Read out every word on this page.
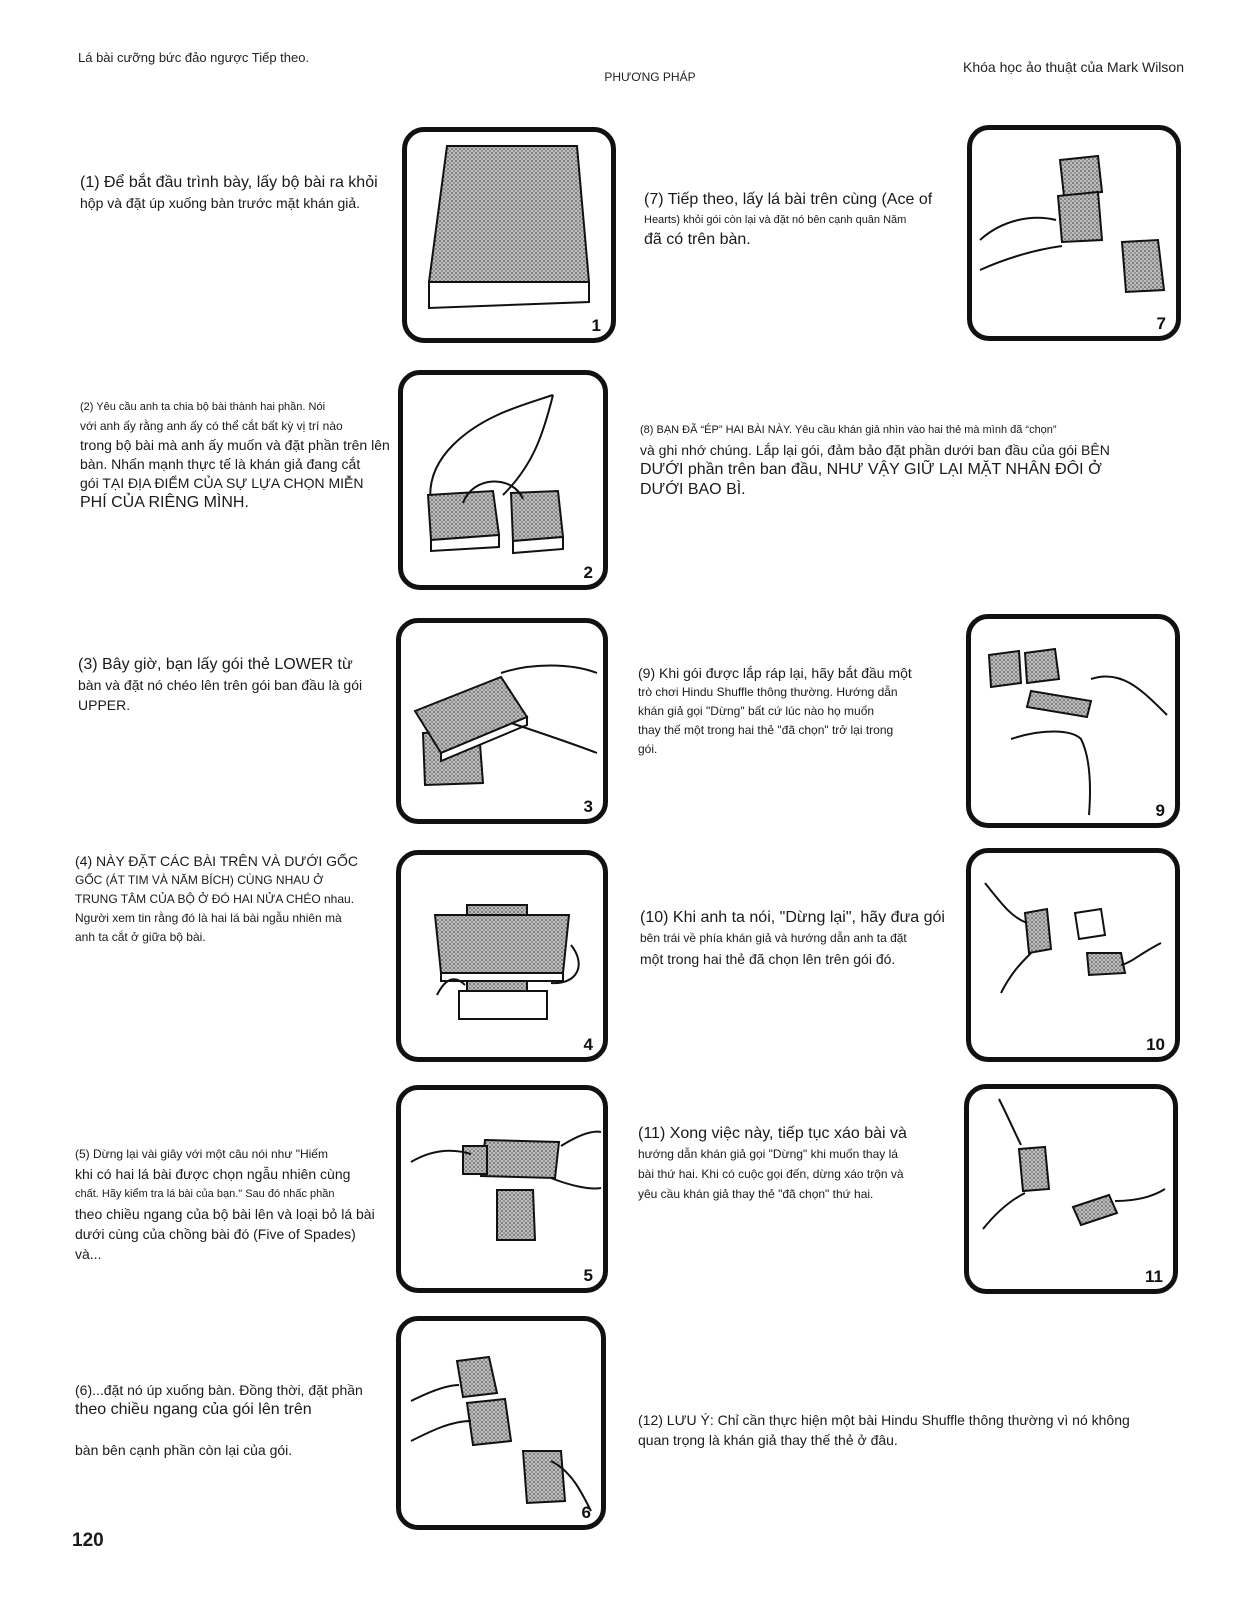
Lá bài cưỡng bức đảo ngược Tiếp theo.
PHƯƠNG PHÁP
Khóa học ảo thuật của Mark Wilson
(1) Để bắt đầu trình bày, lấy bộ bài ra khỏi
hộp và đặt úp xuống bàn trước mặt khán giả.
(2) Yêu cầu anh ta chia bộ bài thành hai phần. Nói
với anh ấy rằng anh ấy có thể cắt bất kỳ vị trí nào
trong bộ bài mà anh ấy muốn và đặt phần trên lên
bàn. Nhấn mạnh thực tế là khán giả đang cắt
gói TẠI ĐỊA ĐIỂM CỦA SỰ LỰA CHỌN MIỄN
PHÍ CỦA RIÊNG MÌNH.
(3) Bây giờ, bạn lấy gói thẻ LOWER từ
bàn và đặt nó chéo lên trên gói ban đầu là gói
UPPER.
(4) NÀY ĐẶT CÁC BÀI TRÊN VÀ DƯỚI GỐC
GỐC (ÁT TIM VÀ NĂM BÍCH) CÙNG NHAU Ở
TRUNG TÂM CỦA BỘ Ở ĐÓ HAI NỬA CHÉO nhau.
Người xem tin rằng đó là hai lá bài ngẫu nhiên mà
anh ta cắt ở giữa bộ bài.
(5) Dừng lại vài giây với một câu nói như "Hiếm
khi có hai lá bài được chọn ngẫu nhiên cùng
chất. Hãy kiểm tra lá bài của bạn." Sau đó nhấc phần
theo chiều ngang của bộ bài lên và loại bỏ lá bài
dưới cùng của chồng bài đó (Five of Spades)
và...
(6)...đặt nó úp xuống bàn. Đồng thời, đặt phần
theo chiều ngang của gói lên trên
bàn bên cạnh phần còn lại của gói.
(7) Tiếp theo, lấy lá bài trên cùng (Ace of
Hearts) khỏi gói còn lại và đặt nó bên cạnh quân Năm
đã có trên bàn.
(8) BẠN ĐÃ “ÉP” HAI BÀI NÀY. Yêu cầu khán giả nhìn vào hai thẻ mà mình đã “chọn”
và ghi nhớ chúng. Lắp lại gói, đảm bảo đặt phần dưới ban đầu của gói BÊN
DƯỚI phần trên ban đầu, NHƯ VẬY GIỮ LẠI MẶT NHÂN ĐÔI Ở
DƯỚI BAO BÌ.
(9) Khi gói được lắp ráp lại, hãy bắt đầu một
trò chơi Hindu Shuffle thông thường. Hướng dẫn
khán giả gọi "Dừng" bất cứ lúc nào họ muốn
thay thế một trong hai thẻ "đã chọn" trở lại trong
gói.
(10) Khi anh ta nói, "Dừng lại", hãy đưa gói
bên trái về phía khán giả và hướng dẫn anh ta đặt
một trong hai thẻ đã chọn lên trên gói đó.
(11) Xong việc này, tiếp tục xáo bài và
hướng dẫn khán giả gọi "Dừng" khi muốn thay lá
bài thứ hai. Khi có cuộc gọi đến, dừng xáo trộn và
yêu cầu khán giả thay thẻ "đã chọn" thứ hai.
(12) LƯU Ý: Chỉ cần thực hiện một bài Hindu Shuffle thông thường vì nó không
quan trọng là khán giả thay thế thẻ ở đâu.
1
2
3
4
5
6
7
9
10
11
120
